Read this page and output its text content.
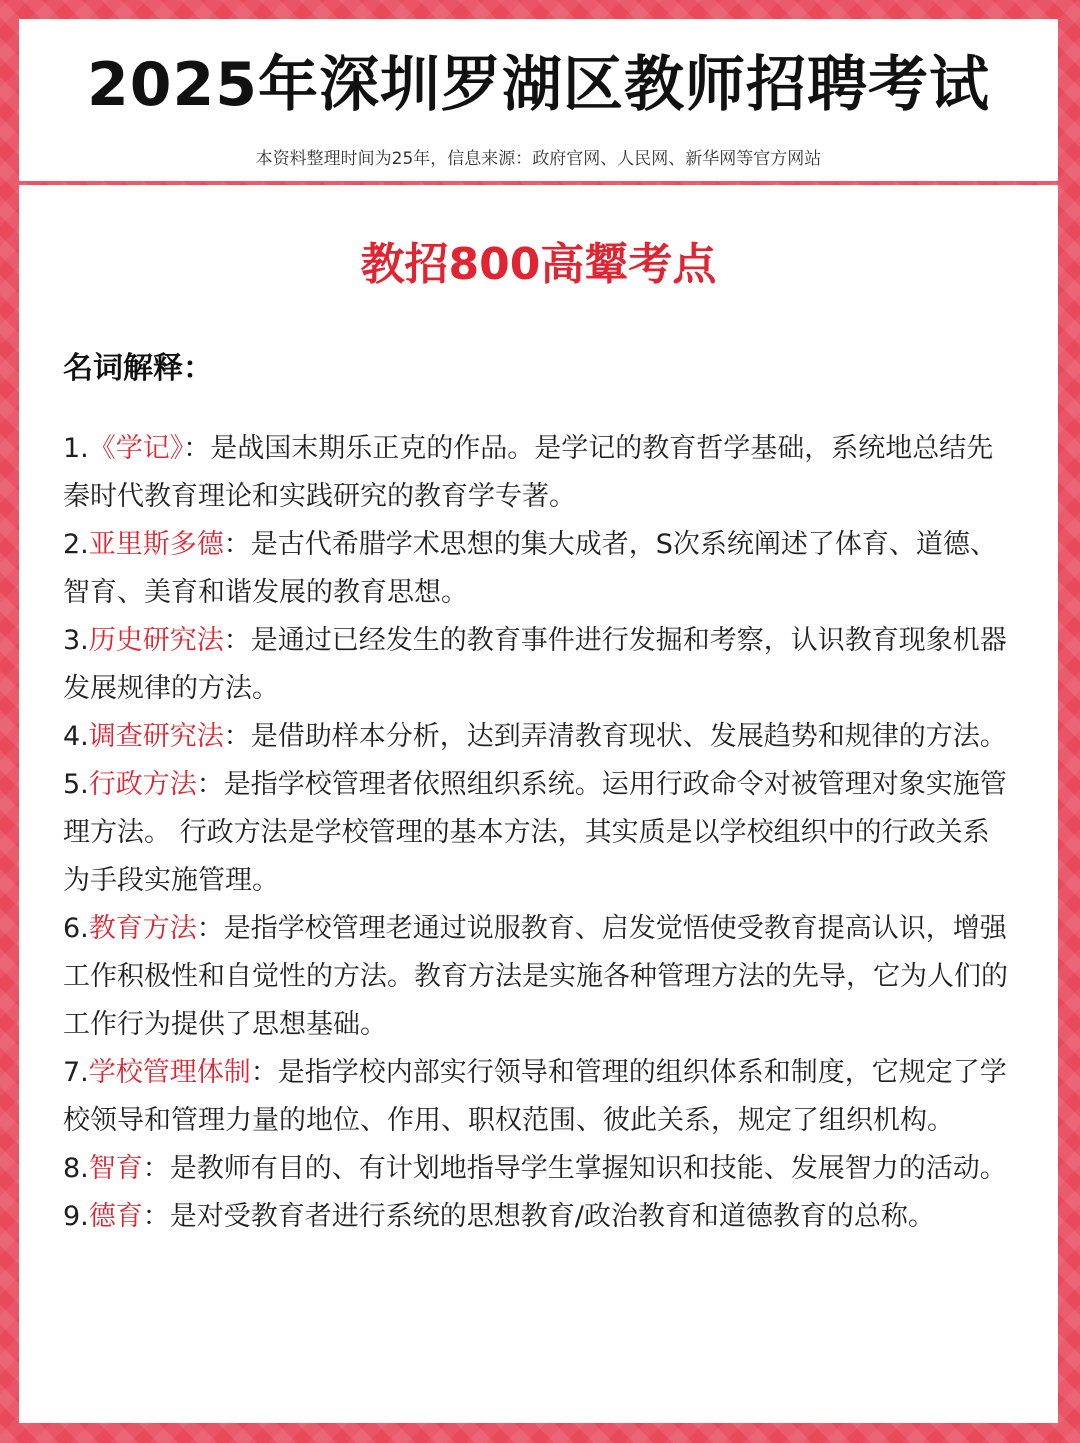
2025年深圳罗湖区教师招聘考试

本资料整理时间为25年，信息来源：政府官网、人民网、新华网等官方网站

教招800高颦考点

名词解释：

1.《学记》：是战国末期乐正克的作品。是学记的教育哲学基础，系统地总结先秦时代教育理论和实践研究的教育学专著。

2.亚里斯多德：是古代希腊学术思想的集大成者，S次系统阐述了体育、道德、智育、美育和谐发展的教育思想。

3.历史研究法：是通过已经发生的教育事件进行发掘和考察，认识教育现象机器发展规律的方法。

4.调查研究法：是借助样本分析，达到弄清教育现状、发展趋势和规律的方法。

5.行政方法：是指学校管理者依照组织系统。运用行政命令对被管理对象实施管理方法。 行政方法是学校管理的基本方法，其实质是以学校组织中的行政关系为手段实施管理。

6.教育方法：是指学校管理老通过说服教育、启发觉悟使受教育提高认识，增强工作积极性和自觉性的方法。教育方法是实施各种管理方法的先导，它为人们的工作行为提供了思想基础。

7.学校管理体制：是指学校内部实行领导和管理的组织体系和制度，它规定了学校领导和管理力量的地位、作用、职权范围、彼此关系，规定了组织机构。

8.智育：是教师有目的、有计划地指导学生掌握知识和技能、发展智力的活动。

9.德育：是对受教育者进行系统的思想教育/政治教育和道德教育的总称。
